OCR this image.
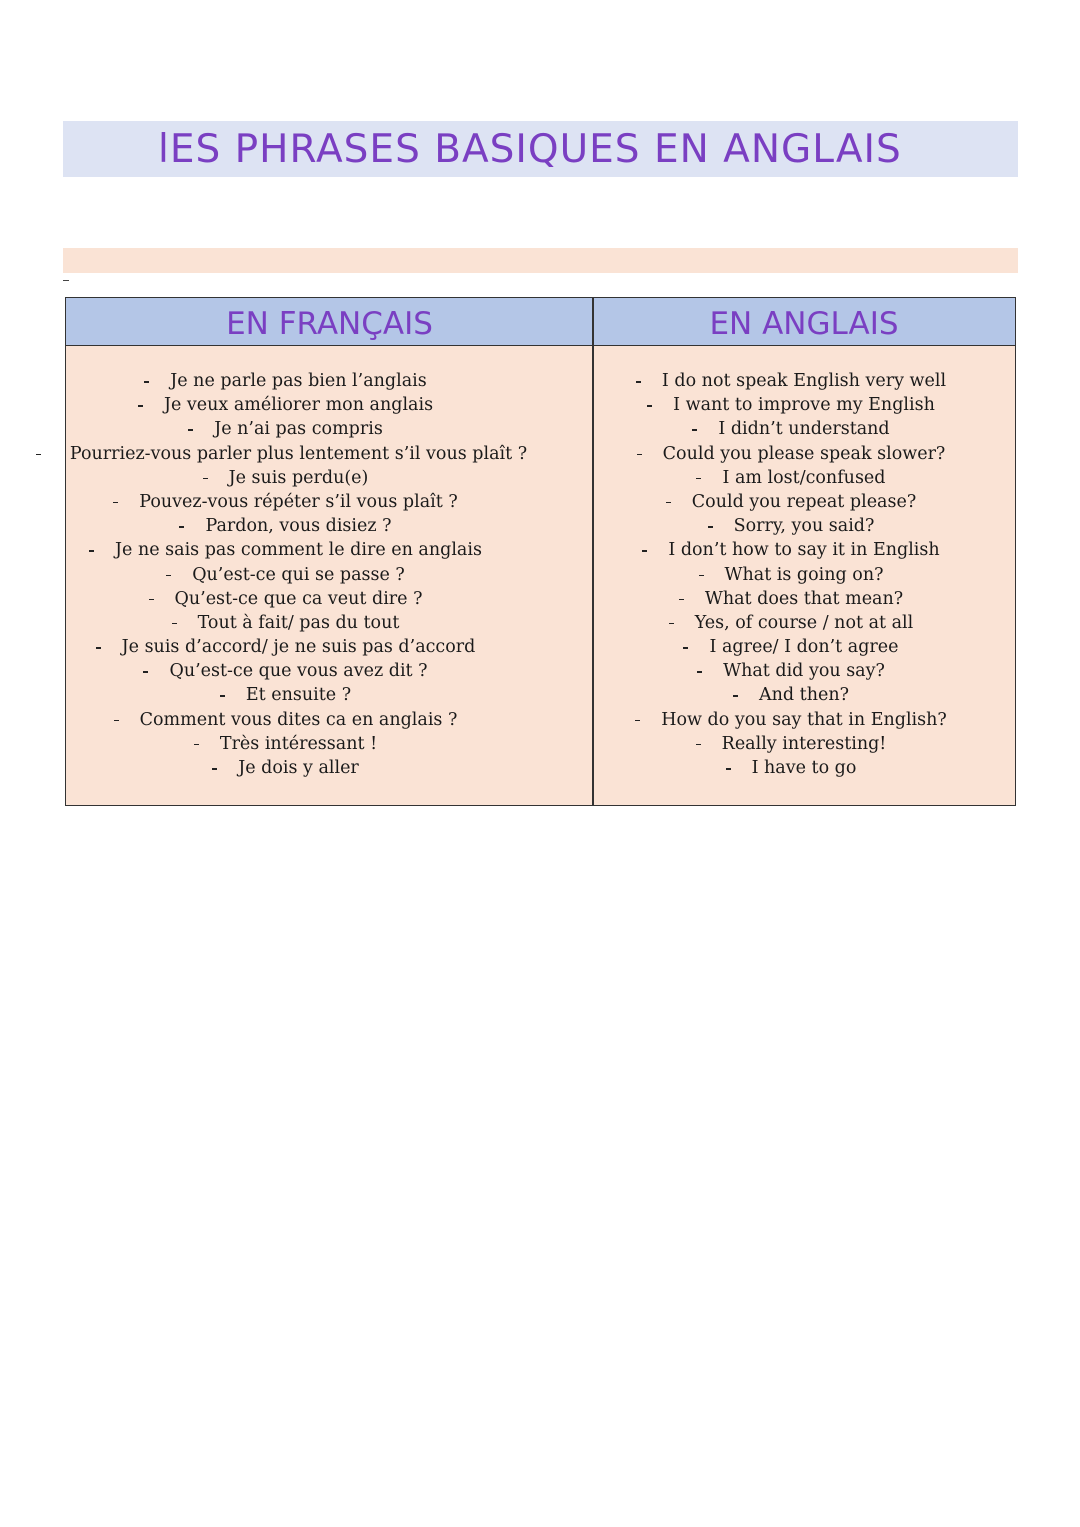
lES PHRASES BASIQUES EN ANGLAIS
EN FRANÇAIS	EN ANGLAIS
Je ne parle pas bien l’anglais
Je veux améliorer mon anglais
Je n’ai pas compris
Pourriez-vous parler plus lentement s’il vous plaît ?
Je suis perdu(e)
Pouvez-vous répéter s’il vous plaît ?
Pardon, vous disiez ?
Je ne sais pas comment le dire en anglais
Qu’est-ce qui se passe ?
Qu’est-ce que ca veut dire ?
Tout à fait/ pas du tout
Je suis d’accord/ je ne suis pas d’accord
Qu’est-ce que vous avez dit ?
Et ensuite ?
Comment vous dites ca en anglais ?
Très intéressant !
Je dois y aller
I do not speak English very well
I want to improve my English
I didn’t understand
Could you please speak slower?
I am lost/confused
Could you repeat please?
Sorry, you said?
I don’t how to say it in English
What is going on?
What does that mean?
Yes, of course / not at all
I agree/ I don’t agree
What did you say?
And then?
How do you say that in English?
Really interesting!
I have to go
